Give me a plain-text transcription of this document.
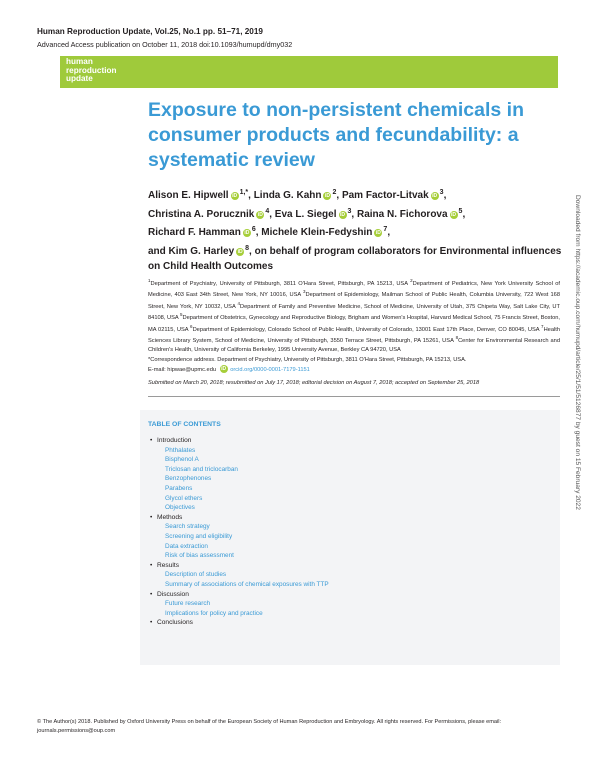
Human Reproduction Update, Vol.25, No.1 pp. 51–71, 2019
Advanced Access publication on October 11, 2018 doi:10.1093/humupd/dmy032
human
reproduction
update
Exposure to non-persistent chemicals in consumer products and fecundability: a systematic review
Alison E. Hipwell iD $^{1,*}$, Linda G. Kahn iD $^2$, Pam Factor-Litvak iD $^3$,
Christina A. Porucznik iD $^4$, Eva L. Siegel iD $^3$, Raina N. Fichorova iD $^5$,
Richard F. Hamman iD $^6$, Michele Klein-Fedyshin iD $^7$,
and Kim G. Harley iD $^8$, on behalf of program collaborators for Environmental influences on Child Health Outcomes
$^1$Department of Psychiatry, University of Pittsburgh, 3811 O'Hara Street, Pittsburgh, PA 15213, USA $^2$Department of Pediatrics, New York University School of Medicine, 403 East 34th Street, New York, NY 10016, USA $^3$Department of Epidemiology, Mailman School of Public Health, Columbia University, 722 West 168 Street, New York, NY 10032, USA $^4$Department of Family and Preventive Medicine, School of Medicine, University of Utah, 375 Chipeta Way, Salt Lake City, UT 84108, USA $^5$Department of Obstetrics, Gynecology and Reproductive Biology, Brigham and Women's Hospital, Harvard Medical School, 75 Francis Street, Boston, MA 02115, USA $^6$Department of Epidemiology, Colorado School of Public Health, University of Colorado, 13001 East 17th Place, Denver, CO 80045, USA $^7$Health Sciences Library System, School of Medicine, University of Pittsburgh, 3550 Terrace Street, Pittsburgh, PA 15261, USA $^8$Center for Environmental Research and Children's Health, University of California Berkeley, 1995 University Avenue, Berkley CA 94720, USA
*Correspondence address. Department of Psychiatry, University of Pittsburgh, 3811 O'Hara Street, Pittsburgh, PA 15213, USA.
E-mail: hipwae@upmc.edu iD orcid.org/0000-0001-7179-1151
Submitted on March 20, 2018; resubmitted on July 17, 2018; editorial decision on August 7, 2018; accepted on September 25, 2018
TABLE OF CONTENTS
• Introduction
Phthalates
Bisphenol A
Triclosan and triclocarban
Benzophenones
Parabens
Glycol ethers
Objectives
• Methods
Search strategy
Screening and eligibility
Data extraction
Risk of bias assessment
• Results
Description of studies
Summary of associations of chemical exposures with TTP
• Discussion
Future research
Implications for policy and practice
• Conclusions
© The Author(s) 2018. Published by Oxford University Press on behalf of the European Society of Human Reproduction and Embryology. All rights reserved. For Permissions, please email: journals.permissions@oup.com
Downloaded from https://academic.oup.com/humupd/article/25/1/51/5126877 by guest on 15 February 2022
